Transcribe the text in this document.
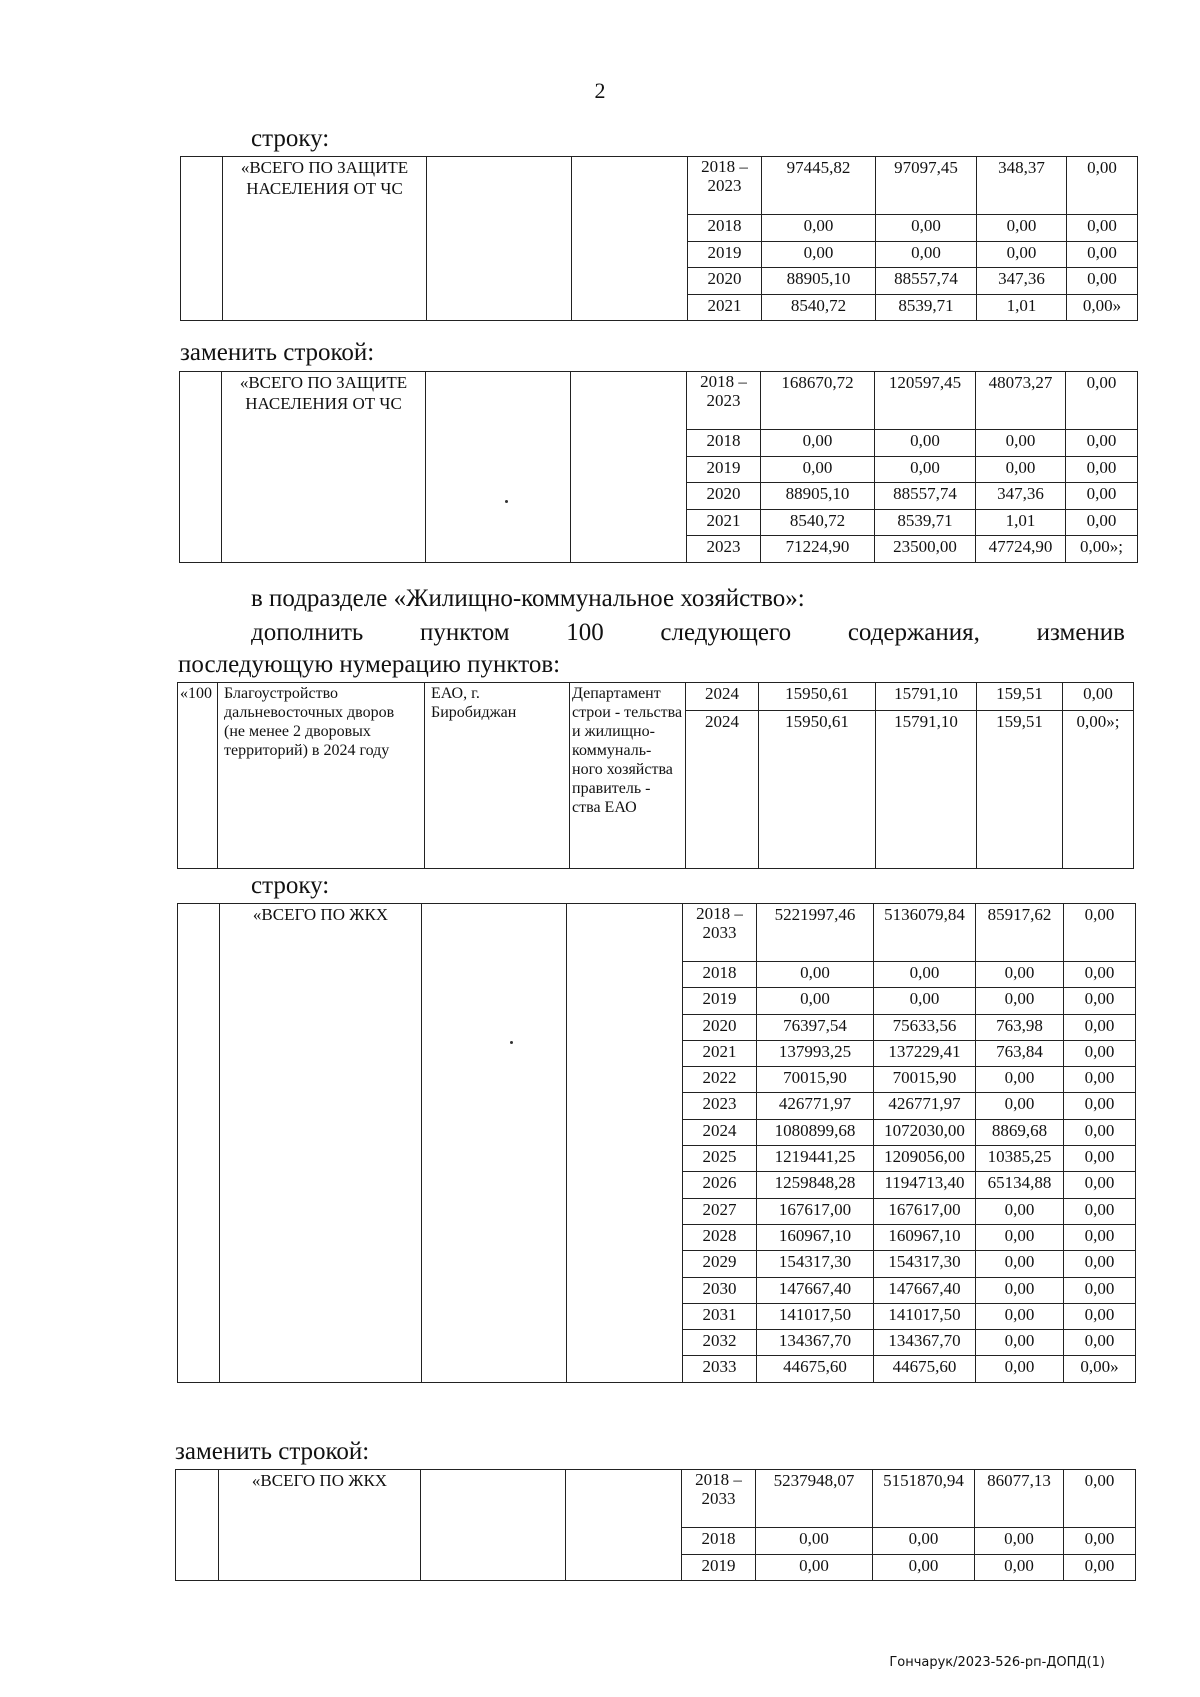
2
строку:
	«ВСЕГО ПО ЗАЩИТЕ НАСЕЛЕНИЯ ОТ ЧС			2018 – 2023	97445,82	97097,45	348,37	0,00
				2018	0,00	0,00	0,00	0,00
				2019	0,00	0,00	0,00	0,00
				2020	88905,10	88557,74	347,36	0,00
				2021	8540,72	8539,71	1,01	0,00»
заменить строкой:
	«ВСЕГО ПО ЗАЩИТЕ НАСЕЛЕНИЯ ОТ ЧС			2018 – 2023	168670,72	120597,45	48073,27	0,00
				2018	0,00	0,00	0,00	0,00
				2019	0,00	0,00	0,00	0,00
				2020	88905,10	88557,74	347,36	0,00
				2021	8540,72	8539,71	1,01	0,00
				2023	71224,90	23500,00	47724,90	0,00»;
в подразделе «Жилищно-коммунальное хозяйство»:
дополнить пунктом 100 следующего содержания, изменив
последующую нумерацию пунктов:
«100	Благоустройство дальневосточных дворов (не менее 2 дворовых территорий) в 2024 году	ЕАО, г. Биробиджан	Департамент строи - тельства и жилищно- коммуналь- ного хозяйства правитель - ства ЕАО	2024	15950,61	15791,10	159,51	0,00
				2024	15950,61	15791,10	159,51	0,00»;
строку:
	«ВСЕГО ПО ЖКХ			2018 – 2033	5221997,46	5136079,84	85917,62	0,00
				2018	0,00	0,00	0,00	0,00
				2019	0,00	0,00	0,00	0,00
				2020	76397,54	75633,56	763,98	0,00
				2021	137993,25	137229,41	763,84	0,00
				2022	70015,90	70015,90	0,00	0,00
				2023	426771,97	426771,97	0,00	0,00
				2024	1080899,68	1072030,00	8869,68	0,00
				2025	1219441,25	1209056,00	10385,25	0,00
				2026	1259848,28	1194713,40	65134,88	0,00
				2027	167617,00	167617,00	0,00	0,00
				2028	160967,10	160967,10	0,00	0,00
				2029	154317,30	154317,30	0,00	0,00
				2030	147667,40	147667,40	0,00	0,00
				2031	141017,50	141017,50	0,00	0,00
				2032	134367,70	134367,70	0,00	0,00
				2033	44675,60	44675,60	0,00	0,00»
заменить строкой:
	«ВСЕГО ПО ЖКХ			2018 – 2033	5237948,07	5151870,94	86077,13	0,00
				2018	0,00	0,00	0,00	0,00
				2019	0,00	0,00	0,00	0,00
Гончарук/2023-526-рп-ДОПД(1)
